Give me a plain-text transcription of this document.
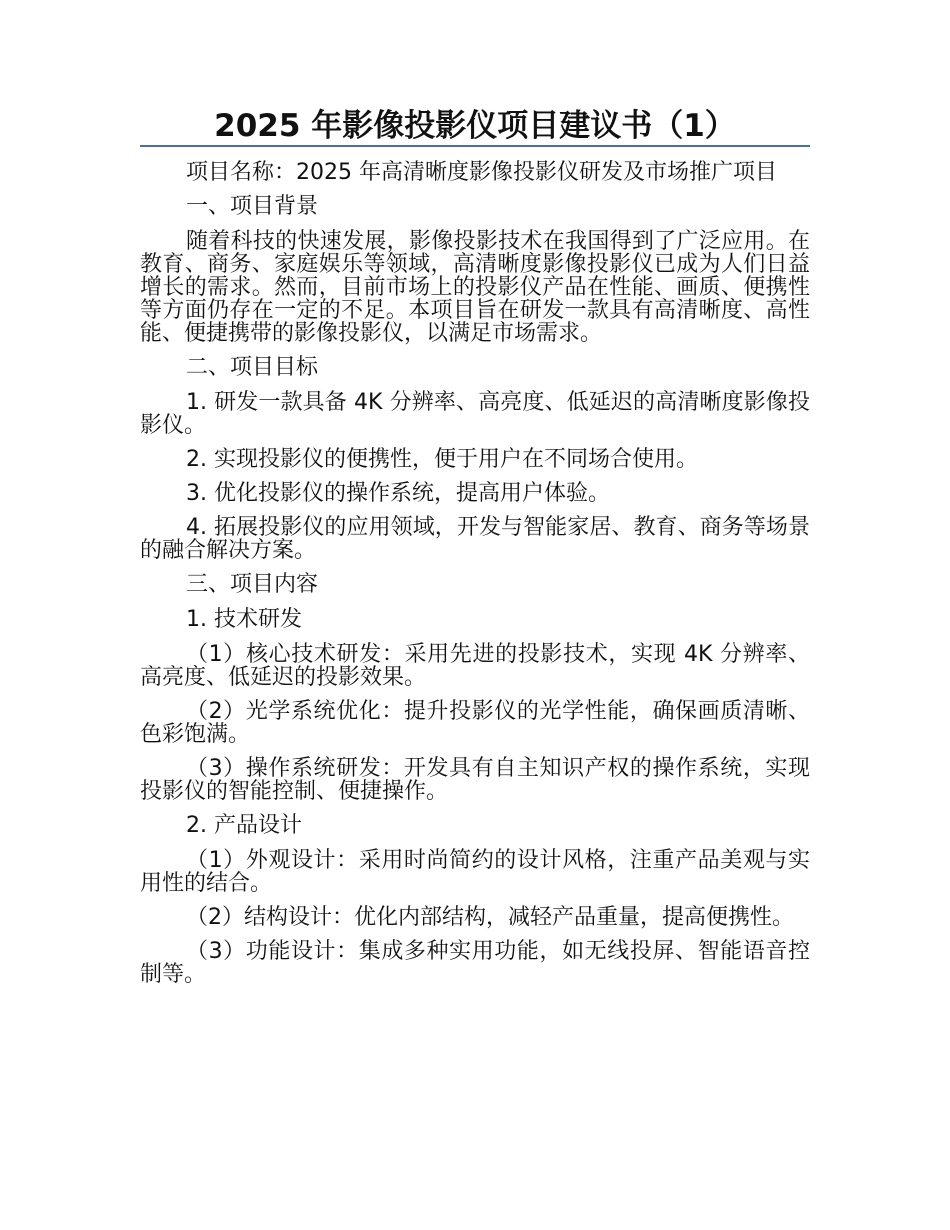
2025 年影像投影仪项目建议书（1）

项目名称：2025 年高清晰度影像投影仪研发及市场推广项目

一、项目背景

随着科技的快速发展，影像投影技术在我国得到了广泛应用。在教育、商务、家庭娱乐等领域，高清晰度影像投影仪已成为人们日益增长的需求。然而，目前市场上的投影仪产品在性能、画质、便携性等方面仍存在一定的不足。本项目旨在研发一款具有高清晰度、高性能、便捷携带的影像投影仪，以满足市场需求。

二、项目目标

1. 研发一款具备 4K 分辨率、高亮度、低延迟的高清晰度影像投影仪。

2. 实现投影仪的便携性，便于用户在不同场合使用。

3. 优化投影仪的操作系统，提高用户体验。

4. 拓展投影仪的应用领域，开发与智能家居、教育、商务等场景的融合解决方案。

三、项目内容

1. 技术研发

（1）核心技术研发：采用先进的投影技术，实现 4K 分辨率、高亮度、低延迟的投影效果。

（2）光学系统优化：提升投影仪的光学性能，确保画质清晰、色彩饱满。

（3）操作系统研发：开发具有自主知识产权的操作系统，实现投影仪的智能控制、便捷操作。

2. 产品设计

（1）外观设计：采用时尚简约的设计风格，注重产品美观与实用性的结合。

（2）结构设计：优化内部结构，减轻产品重量，提高便携性。

（3）功能设计：集成多种实用功能，如无线投屏、智能语音控制等。
